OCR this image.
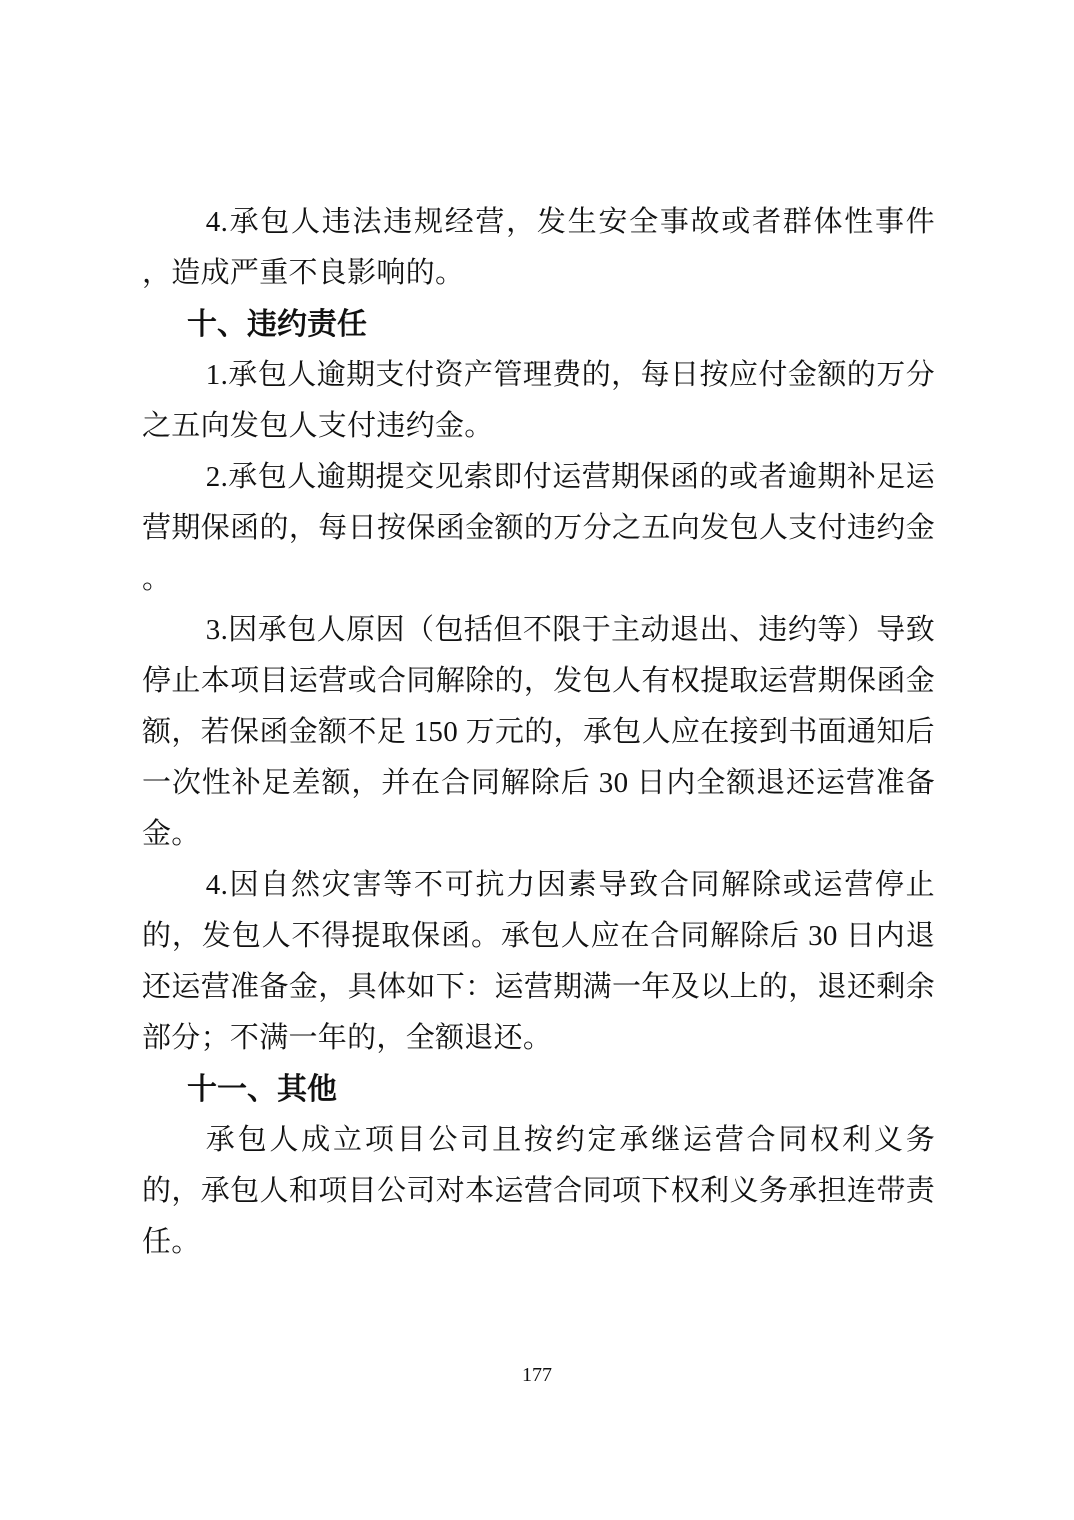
4.承包人违法违规经营，发生安全事故或者群体性事件 ，造成严重不良影响的。

十、违约责任

1.承包人逾期支付资产管理费的，每日按应付金额的万分之五向发包人支付违约金。

2.承包人逾期提交见索即付运营期保函的或者逾期补足运营期保函的，每日按保函金额的万分之五向发包人支付违约金 。

3.因承包人原因（包括但不限于主动退出、违约等）导致停止本项目运营或合同解除的，发包人有权提取运营期保函金额，若保函金额不足 150 万元的，承包人应在接到书面通知后一次性补足差额，并在合同解除后 30 日内全额退还运营准备金。

4.因自然灾害等不可抗力因素导致合同解除或运营停止的，发包人不得提取保函。承包人应在合同解除后 30 日内退还运营准备金，具体如下：运营期满一年及以上的，退还剩余部分；不满一年的，全额退还。

十一、其他

承包人成立项目公司且按约定承继运营合同权利义务的，承包人和项目公司对本运营合同项下权利义务承担连带责任。

177
